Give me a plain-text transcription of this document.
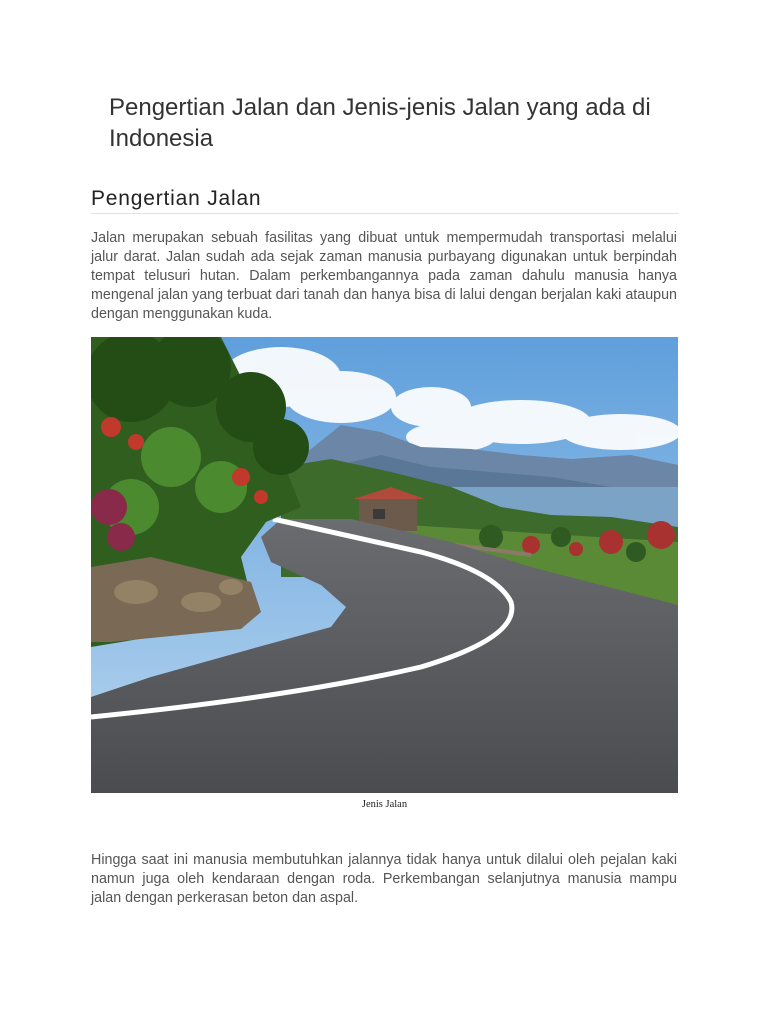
Pengertian Jalan dan Jenis-jenis Jalan yang ada di Indonesia
Pengertian Jalan

Jalan merupakan sebuah fasilitas yang dibuat untuk mempermudah transportasi melalui jalur darat. Jalan sudah ada sejak zaman manusia purbayang digunakan untuk berpindah tempat telusuri hutan. Dalam perkembangannya pada zaman dahulu manusia hanya mengenal jalan yang terbuat dari tanah dan hanya bisa di lalui dengan berjalan kaki ataupun dengan menggunakan kuda.

Jenis Jalan

Hingga saat ini manusia membutuhkan jalannya tidak hanya untuk dilalui oleh pejalan kaki namun juga oleh kendaraan dengan roda. Perkembangan selanjutnya manusia mampu jalan dengan perkerasan beton dan aspal.
